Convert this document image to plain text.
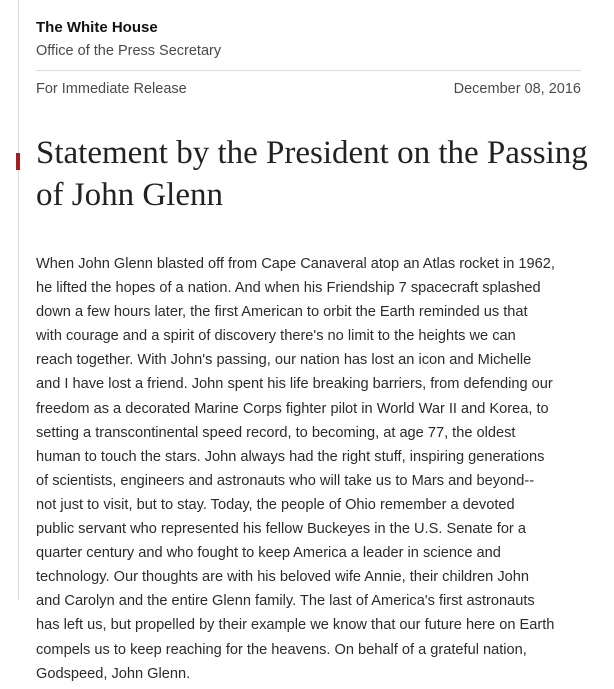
The White House
Office of the Press Secretary
For Immediate Release	December 08, 2016
Statement by the President on the Passing of John Glenn

When John Glenn blasted off from Cape Canaveral atop an Atlas rocket in 1962,
he lifted the hopes of a nation. And when his Friendship 7 spacecraft splashed
down a few hours later, the first American to orbit the Earth reminded us that
with courage and a spirit of discovery there's no limit to the heights we can
reach together. With John's passing, our nation has lost an icon and Michelle
and I have lost a friend. John spent his life breaking barriers, from defending our
freedom as a decorated Marine Corps fighter pilot in World War II and Korea, to
setting a transcontinental speed record, to becoming, at age 77, the oldest
human to touch the stars. John always had the right stuff, inspiring generations
of scientists, engineers and astronauts who will take us to Mars and beyond--
not just to visit, but to stay. Today, the people of Ohio remember a devoted
public servant who represented his fellow Buckeyes in the U.S. Senate for a
quarter century and who fought to keep America a leader in science and
technology. Our thoughts are with his beloved wife Annie, their children John
and Carolyn and the entire Glenn family. The last of America's first astronauts
has left us, but propelled by their example we know that our future here on Earth
compels us to keep reaching for the heavens. On behalf of a grateful nation,
Godspeed, John Glenn.
